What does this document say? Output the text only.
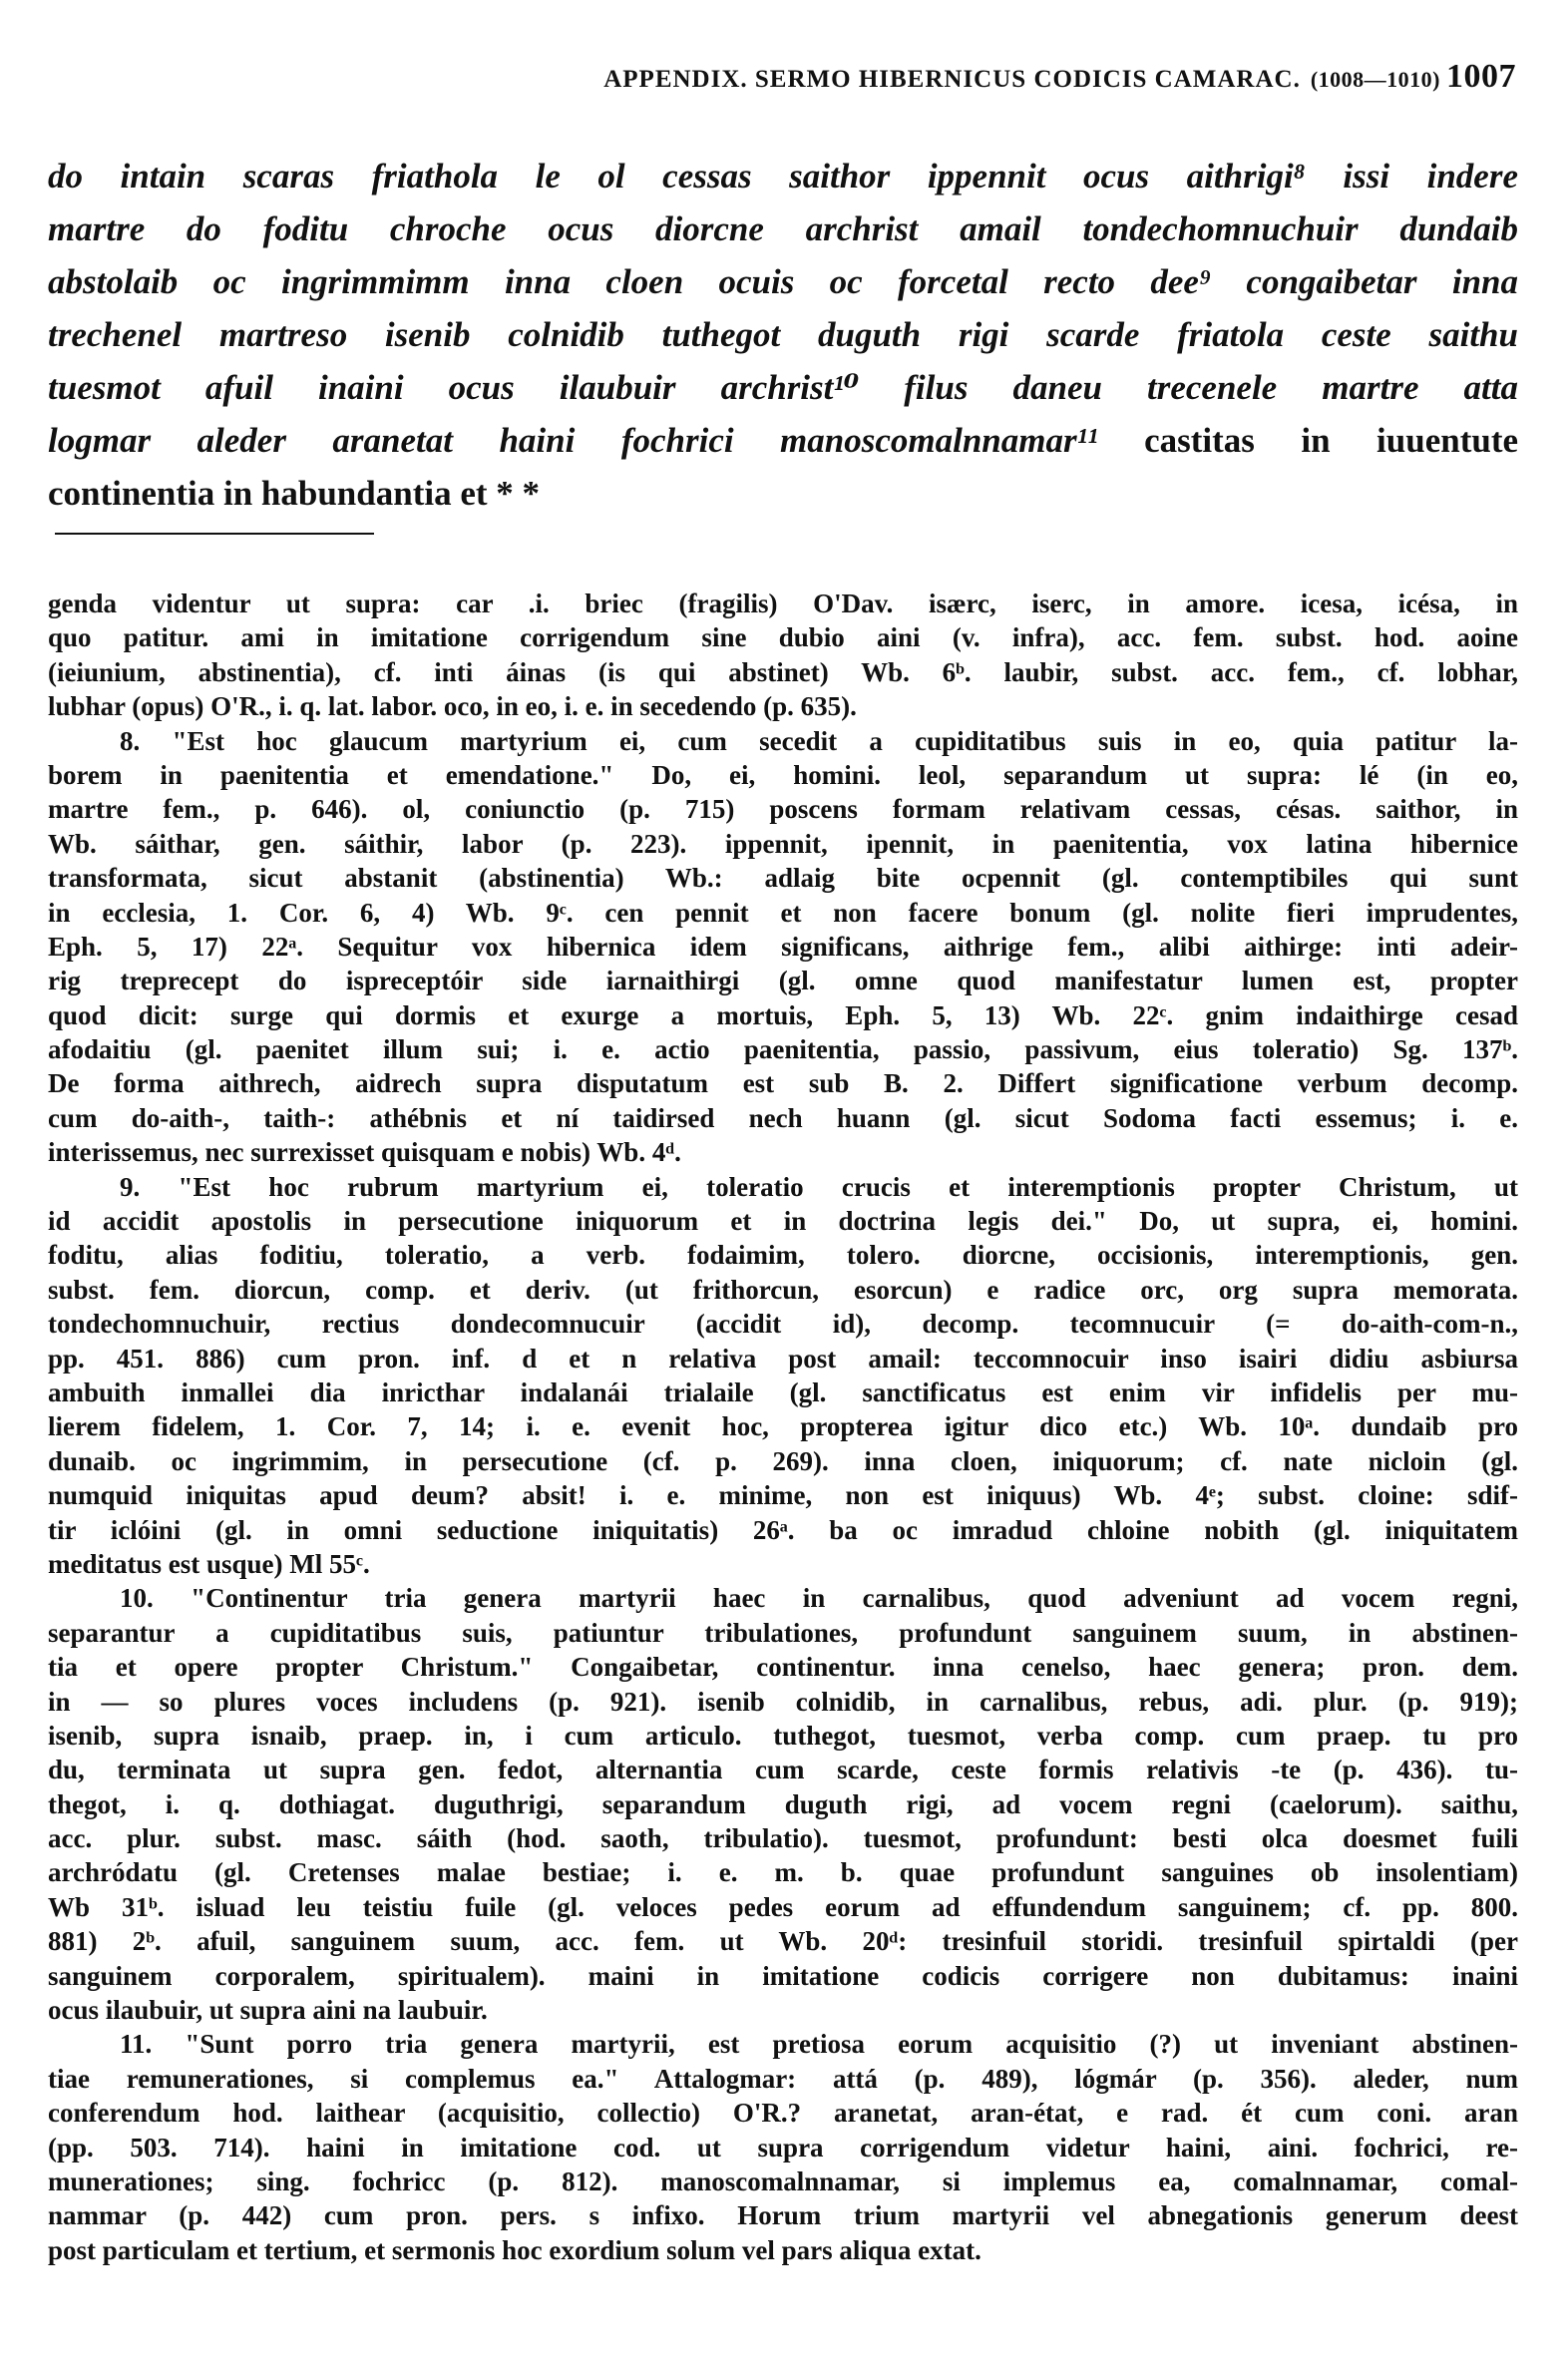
APPENDIX. SERMO HIBERNICUS CODICIS CAMARAC. (1008—1010) 1007
do intain scaras friathola le ol cessas saithor ippennit ocus aithrigi⁸ issi indere
martre do foditu chroche ocus diorcne archrist amail tondechomnuchuir dundaib
abstolaib oc ingrimmimm inna cloen ocuis oc forcetal recto dee⁹ congaibetar inna
trechenel martreso isenib colnidib tuthegot duguth rigi scarde friatola ceste saithu
tuesmot afuil inaini ocus ilaubuir archrist¹⁰ filus daneu trecenele martre atta
logmar aleder aranetat haini fochrici manoscomalnnamar¹¹ castitas in iuuentute
continentia in habundantia et * *
genda videntur ut supra: car .i. briec (fragilis) O'Dav. isærc, iserc, in amore. icesa, icésa, in
quo patitur. ami in imitatione corrigendum sine dubio aini (v. infra), acc. fem. subst. hod. aoine
(ieiunium, abstinentia), cf. inti áinas (is qui abstinet) Wb. 6ᵇ. laubir, subst. acc. fem., cf. lobhar,
lubhar (opus) O'R., i. q. lat. labor. oco, in eo, i. e. in secedendo (p. 635).
8. "Est hoc glaucum martyrium ei, cum secedit a cupiditatibus suis in eo, quia patitur la-
borem in paenitentia et emendatione." Do, ei, homini. leol, separandum ut supra: lé (in eo,
martre fem., p. 646). ol, coniunctio (p. 715) poscens formam relativam cessas, césas. saithor, in
Wb. sáithar, gen. sáithir, labor (p. 223). ippennit, ipennit, in paenitentia, vox latina hibernice
transformata, sicut abstanit (abstinentia) Wb.: adlaig bite ocpennit (gl. contemptibiles qui sunt
in ecclesia, 1. Cor. 6, 4) Wb. 9ᶜ. cen pennit et non facere bonum (gl. nolite fieri imprudentes,
Eph. 5, 17) 22ᵃ. Sequitur vox hibernica idem significans, aithrige fem., alibi aithirge: inti adeir-
rig treprecept do ispreceptóir side iarnaithirgi (gl. omne quod manifestatur lumen est, propter
quod dicit: surge qui dormis et exurge a mortuis, Eph. 5, 13) Wb. 22ᶜ. gnim indaithirge cesad
afodaitiu (gl. paenitet illum sui; i. e. actio paenitentia, passio, passivum, eius toleratio) Sg. 137ᵇ.
De forma aithrech, aidrech supra disputatum est sub B. 2. Differt significatione verbum decomp.
cum do-aith-, taith-: athébnis et ní taidirsed nech huann (gl. sicut Sodoma facti essemus; i. e.
interissemus, nec surrexisset quisquam e nobis) Wb. 4ᵈ.
9. "Est hoc rubrum martyrium ei, toleratio crucis et interemptionis propter Christum, ut
id accidit apostolis in persecutione iniquorum et in doctrina legis dei." Do, ut supra, ei, homini.
foditu, alias foditiu, toleratio, a verb. fodaimim, tolero. diorcne, occisionis, interemptionis, gen.
subst. fem. diorcun, comp. et deriv. (ut frithorcun, esorcun) e radice orc, org supra memorata.
tondechomnuchuir, rectius dondecomnucuir (accidit id), decomp. tecomnucuir (= do-aith-com-n.,
pp. 451. 886) cum pron. inf. d et n relativa post amail: teccomnocuir inso isairi didiu asbiursa
ambuith inmallei dia inricthar indalanái trialaile (gl. sanctificatus est enim vir infidelis per mu-
lierem fidelem, 1. Cor. 7, 14; i. e. evenit hoc, propterea igitur dico etc.) Wb. 10ᵃ. dundaib pro
dunaib. oc ingrimmim, in persecutione (cf. p. 269). inna cloen, iniquorum; cf. nate nicloin (gl.
numquid iniquitas apud deum? absit! i. e. minime, non est iniquus) Wb. 4ᵉ; subst. cloine: sdif-
tir iclóini (gl. in omni seductione iniquitatis) 26ᵃ. ba oc imradud chloine nobith (gl. iniquitatem
meditatus est usque) Ml 55ᶜ.
10. "Continentur tria genera martyrii haec in carnalibus, quod adveniunt ad vocem regni,
separantur a cupiditatibus suis, patiuntur tribulationes, profundunt sanguinem suum, in abstinen-
tia et opere propter Christum." Congaibetar, continentur. inna cenelso, haec genera; pron. dem.
in — so plures voces includens (p. 921). isenib colnidib, in carnalibus, rebus, adi. plur. (p. 919);
isenib, supra isnaib, praep. in, i cum articulo. tuthegot, tuesmot, verba comp. cum praep. tu pro
du, terminata ut supra gen. fedot, alternantia cum scarde, ceste formis relativis -te (p. 436). tu-
thegot, i. q. dothiagat. duguthrigi, separandum duguth rigi, ad vocem regni (caelorum). saithu,
acc. plur. subst. masc. sáith (hod. saoth, tribulatio). tuesmot, profundunt: besti olca doesmet fuili
archródatu (gl. Cretenses malae bestiae; i. e. m. b. quae profundunt sanguines ob insolentiam)
Wb 31ᵇ. isluad leu teistiu fuile (gl. veloces pedes eorum ad effundendum sanguinem; cf. pp. 800.
881) 2ᵇ. afuil, sanguinem suum, acc. fem. ut Wb. 20ᵈ: tresinfuil storidi. tresinfuil spirtaldi (per
sanguinem corporalem, spiritualem). maini in imitatione codicis corrigere non dubitamus: inaini
ocus ilaubuir, ut supra aini na laubuir.
11. "Sunt porro tria genera martyrii, est pretiosa eorum acquisitio (?) ut inveniant abstinen-
tiae remunerationes, si complemus ea." Attalogmar: attá (p. 489), lógmár (p. 356). aleder, num
conferendum hod. laithear (acquisitio, collectio) O'R.? aranetat, aran-état, e rad. ét cum coni. aran
(pp. 503. 714). haini in imitatione cod. ut supra corrigendum videtur haini, aini. fochrici, re-
munerationes; sing. fochricc (p. 812). manoscomalnnamar, si implemus ea, comalnnamar, comal-
nammar (p. 442) cum pron. pers. s infixo. Horum trium martyrii vel abnegationis generum deest
post particulam et tertium, et sermonis hoc exordium solum vel pars aliqua extat.
